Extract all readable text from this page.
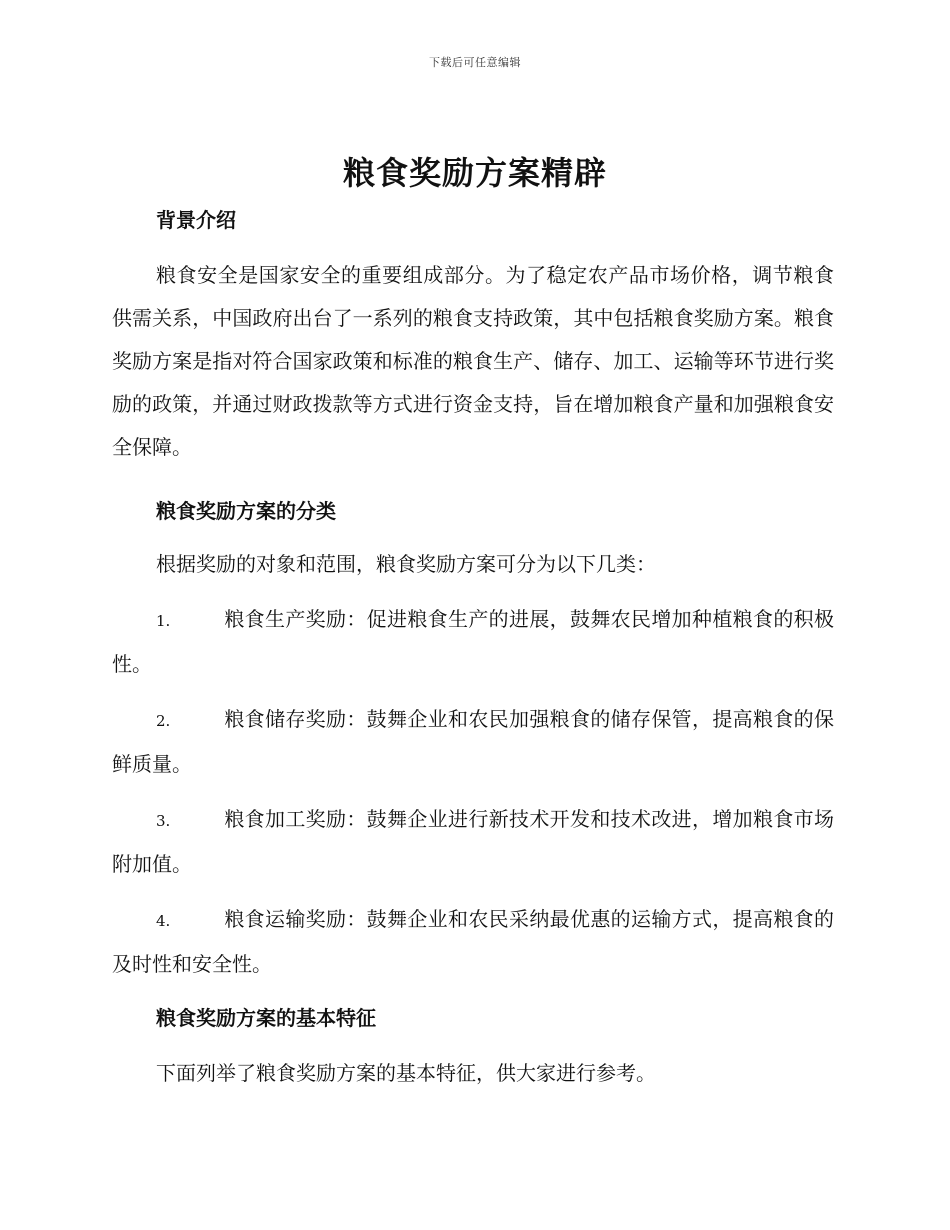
下载后可任意编辑
粮食奖励方案精辟

背景介绍

粮食安全是国家安全的重要组成部分。为了稳定农产品市场价格，调节粮食供需关系，中国政府出台了一系列的粮食支持政策，其中包括粮食奖励方案。粮食奖励方案是指对符合国家政策和标准的粮食生产、储存、加工、运输等环节进行奖励的政策，并通过财政拨款等方式进行资金支持，旨在增加粮食产量和加强粮食安全保障。

粮食奖励方案的分类

根据奖励的对象和范围，粮食奖励方案可分为以下几类：

1.	粮食生产奖励：促进粮食生产的进展，鼓舞农民增加种植粮食的积极性。

2.	粮食储存奖励：鼓舞企业和农民加强粮食的储存保管，提高粮食的保鲜质量。

3.	粮食加工奖励：鼓舞企业进行新技术开发和技术改进，增加粮食市场附加值。

4.	粮食运输奖励：鼓舞企业和农民采纳最优惠的运输方式，提高粮食的及时性和安全性。

粮食奖励方案的基本特征

下面列举了粮食奖励方案的基本特征，供大家进行参考。
